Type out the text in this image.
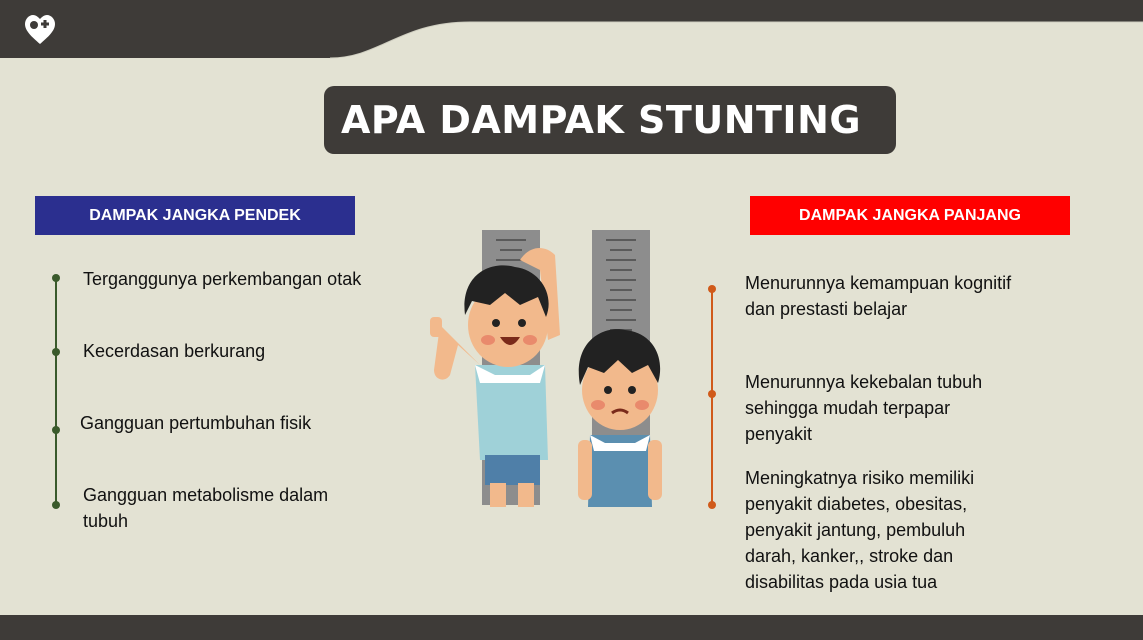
APA DAMPAK STUNTING
DAMPAK JANGKA PENDEK	DAMPAK JANGKA PANJANG
Terganggunya perkembangan otak
Kecerdasan berkurang
Gangguan pertumbuhan fisik
Gangguan metabolisme dalam
tubuh
Menurunnya kemampuan kognitif
dan prestasti belajar
Menurunnya kekebalan tubuh
sehingga mudah terpapar
penyakit
Meningkatnya risiko memiliki
penyakit diabetes, obesitas,
penyakit jantung, pembuluh
darah, kanker,, stroke dan
disabilitas pada usia tua
